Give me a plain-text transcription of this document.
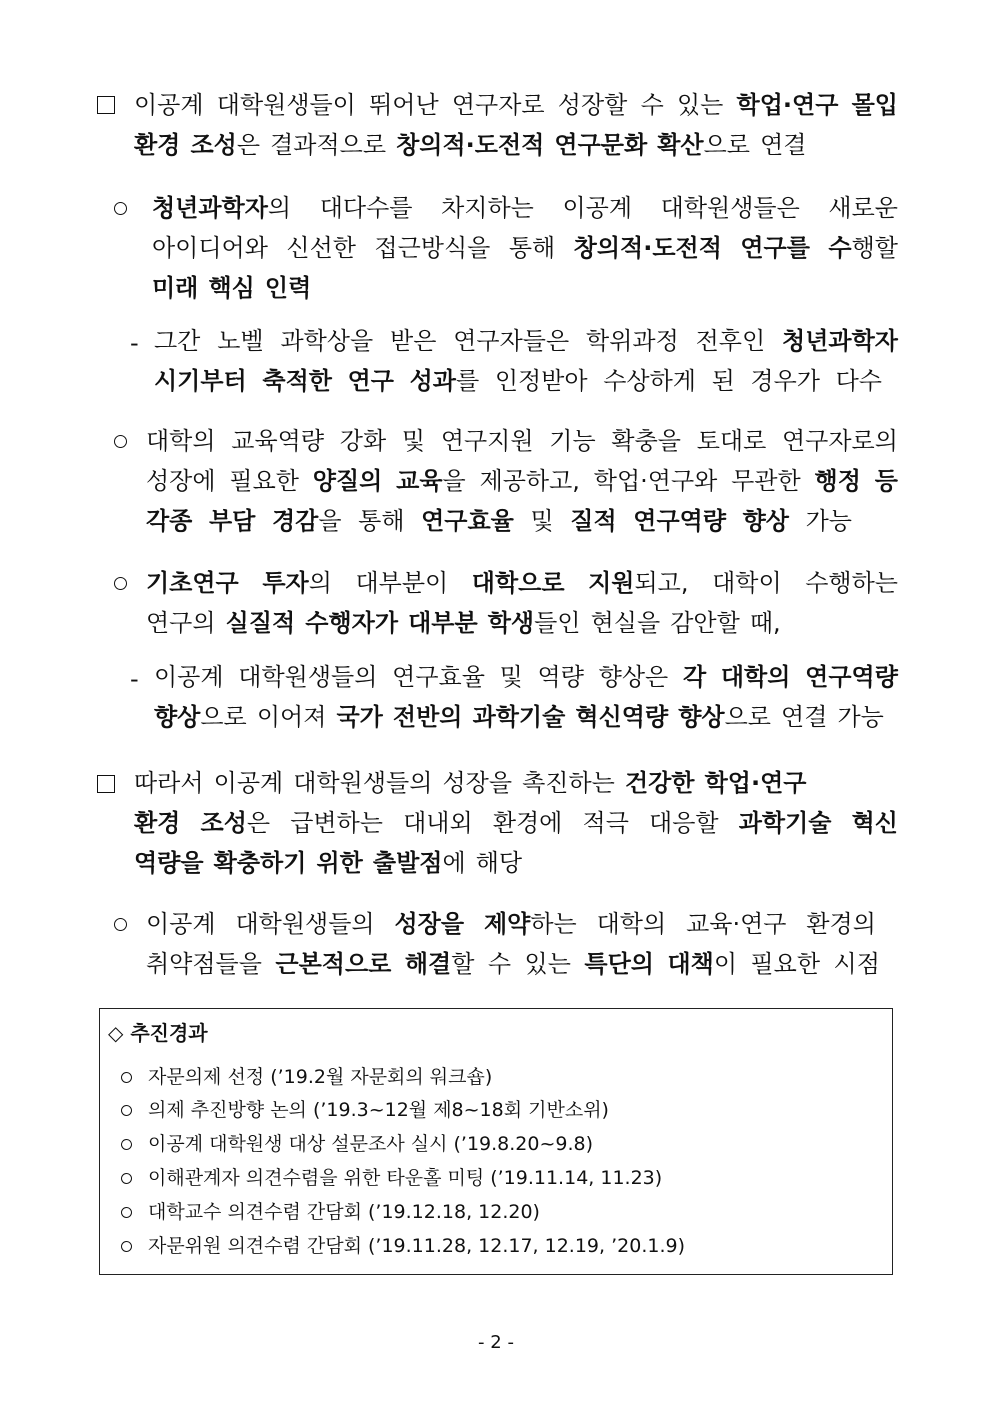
이공계 대학원생들이 뛰어난 연구자로 성장할 수 있는 학업·연구 몰입
환경 조성은 결과적으로 창의적·도전적 연구문화 확산으로 연결
청년과학자의 대다수를 차지하는 이공계 대학원생들은 새로운
아이디어와 신선한 접근방식을 통해 창의적·도전적 연구를 수행할
미래 핵심 인력
- 그간 노벨 과학상을 받은 연구자들은 학위과정 전후인 청년과학자
시기부터 축적한 연구 성과를 인정받아 수상하게 된 경우가 다수
대학의 교육역량 강화 및 연구지원 기능 확충을 토대로 연구자로의
성장에 필요한 양질의 교육을 제공하고, 학업·연구와 무관한 행정 등
각종 부담 경감을 통해 연구효율 및 질적 연구역량 향상 가능
기초연구 투자의 대부분이 대학으로 지원되고, 대학이 수행하는
연구의 실질적 수행자가 대부분 학생들인 현실을 감안할 때,
- 이공계 대학원생들의 연구효율 및 역량 향상은 각 대학의 연구역량
향상으로 이어져 국가 전반의 과학기술 혁신역량 향상으로 연결 가능
따라서 이공계 대학원생들의 성장을 촉진하는 건강한 학업·연구
환경 조성은 급변하는 대내외 환경에 적극 대응할 과학기술 혁신
역량을 확충하기 위한 출발점에 해당
이공계 대학원생들의 성장을 제약하는 대학의 교육·연구 환경의
취약점들을 근본적으로 해결할 수 있는 특단의 대책이 필요한 시점
◇ 추진경과
자문의제 선정 (’19.2월 자문회의 워크숍)
의제 추진방향 논의 (’19.3~12월 제8~18회 기반소위)
이공계 대학원생 대상 설문조사 실시 (’19.8.20~9.8)
이해관계자 의견수렴을 위한 타운홀 미팅 (’19.11.14, 11.23)
대학교수 의견수렴 간담회 (’19.12.18, 12.20)
자문위원 의견수렴 간담회 (’19.11.28, 12.17, 12.19, ’20.1.9)
- 2 -
